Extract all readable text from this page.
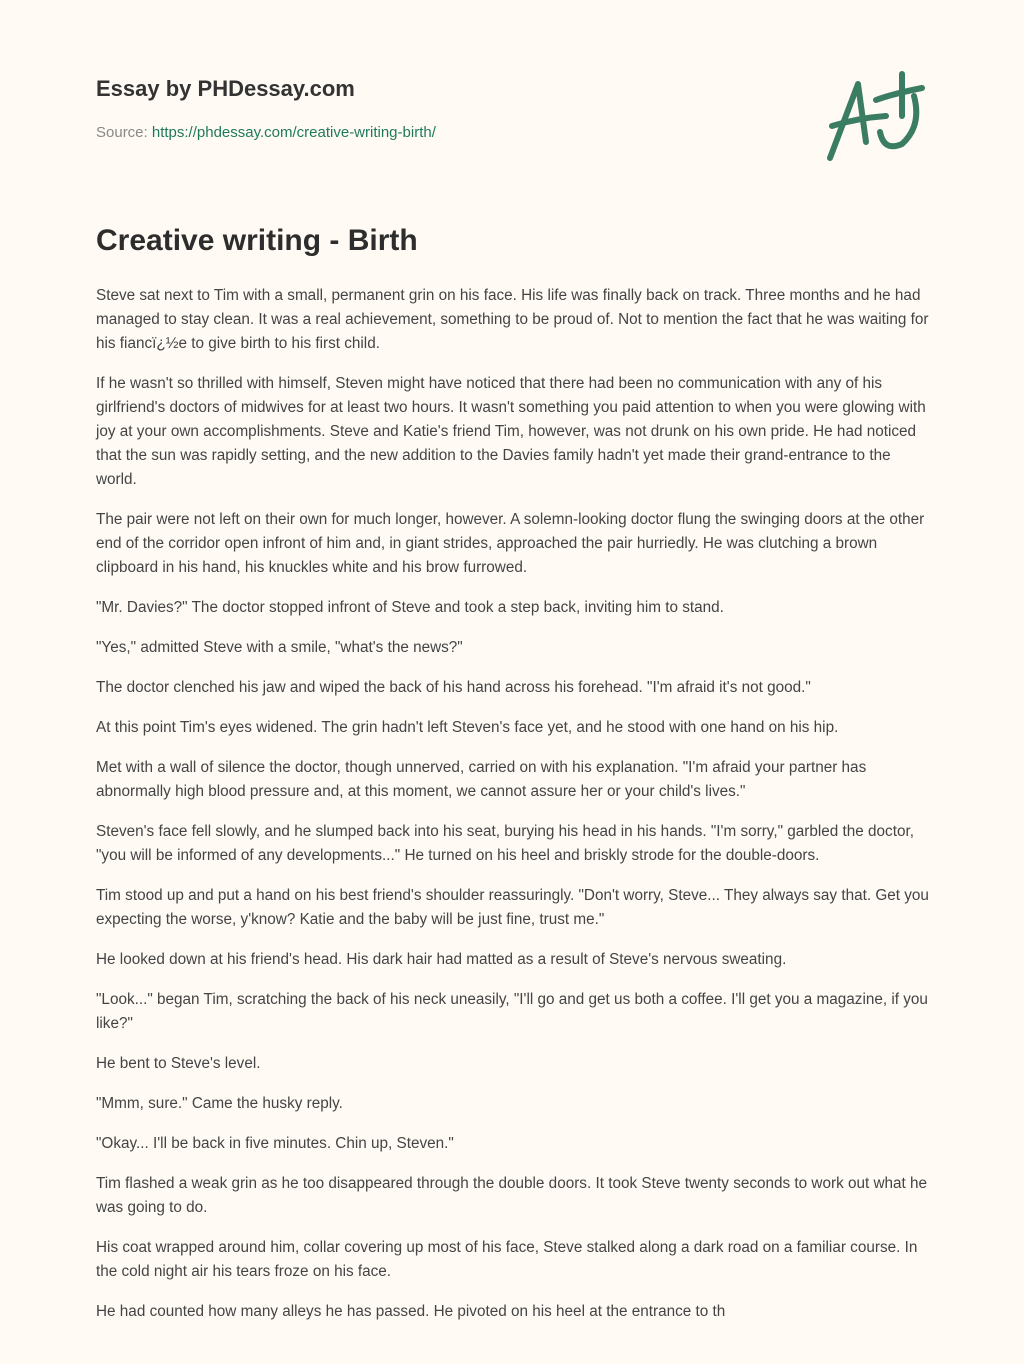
Essay by PHDessay.com
Source: https://phdessay.com/creative-writing-birth/
Creative writing - Birth

Steve sat next to Tim with a small, permanent grin on his face. His life was finally back on track. Three months and he had managed to stay clean. It was a real achievement, something to be proud of. Not to mention the fact that he was waiting for his fiancï¿½e to give birth to his first child.

If he wasn't so thrilled with himself, Steven might have noticed that there had been no communication with any of his girlfriend's doctors of midwives for at least two hours. It wasn't something you paid attention to when you were glowing with joy at your own accomplishments. Steve and Katie's friend Tim, however, was not drunk on his own pride. He had noticed that the sun was rapidly setting, and the new addition to the Davies family hadn't yet made their grand-entrance to the world.

The pair were not left on their own for much longer, however. A solemn-looking doctor flung the swinging doors at the other end of the corridor open infront of him and, in giant strides, approached the pair hurriedly. He was clutching a brown clipboard in his hand, his knuckles white and his brow furrowed.

"Mr. Davies?" The doctor stopped infront of Steve and took a step back, inviting him to stand.

"Yes," admitted Steve with a smile, "what's the news?"

The doctor clenched his jaw and wiped the back of his hand across his forehead. "I'm afraid it's not good."

At this point Tim's eyes widened. The grin hadn't left Steven's face yet, and he stood with one hand on his hip.

Met with a wall of silence the doctor, though unnerved, carried on with his explanation. "I'm afraid your partner has abnormally high blood pressure and, at this moment, we cannot assure her or your child's lives."

Steven's face fell slowly, and he slumped back into his seat, burying his head in his hands. "I'm sorry," garbled the doctor, "you will be informed of any developments..." He turned on his heel and briskly strode for the double-doors.

Tim stood up and put a hand on his best friend's shoulder reassuringly. "Don't worry, Steve... They always say that. Get you expecting the worse, y'know? Katie and the baby will be just fine, trust me."

He looked down at his friend's head. His dark hair had matted as a result of Steve's nervous sweating.

"Look..." began Tim, scratching the back of his neck uneasily, "I'll go and get us both a coffee. I'll get you a magazine, if you like?"

He bent to Steve's level.

"Mmm, sure." Came the husky reply.

"Okay... I'll be back in five minutes. Chin up, Steven."

Tim flashed a weak grin as he too disappeared through the double doors. It took Steve twenty seconds to work out what he was going to do.

His coat wrapped around him, collar covering up most of his face, Steve stalked along a dark road on a familiar course. In the cold night air his tears froze on his face.

He had counted how many alleys he has passed. He pivoted on his heel at the entrance to th
